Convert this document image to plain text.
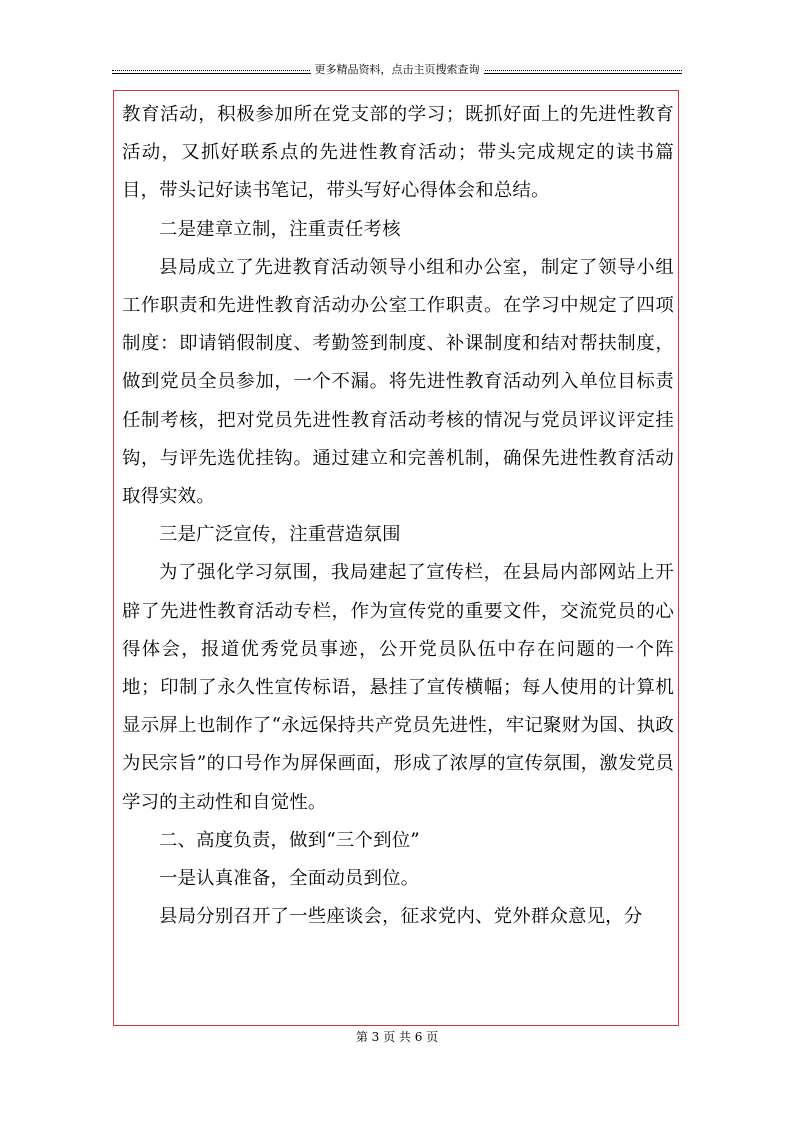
更多精品资料，点击主页搜索查询

教育活动，积极参加所在党支部的学习；既抓好面上的先进性教育活动，又抓好联系点的先进性教育活动；带头完成规定的读书篇目，带头记好读书笔记，带头写好心得体会和总结。

二是建章立制，注重责任考核

县局成立了先进教育活动领导小组和办公室，制定了领导小组工作职责和先进性教育活动办公室工作职责。在学习中规定了四项制度：即请销假制度、考勤签到制度、补课制度和结对帮扶制度，做到党员全员参加，一个不漏。将先进性教育活动列入单位目标责任制考核，把对党员先进性教育活动考核的情况与党员评议评定挂钩，与评先选优挂钩。通过建立和完善机制，确保先进性教育活动取得实效。

三是广泛宣传，注重营造氛围

为了强化学习氛围，我局建起了宣传栏，在县局内部网站上开辟了先进性教育活动专栏，作为宣传党的重要文件，交流党员的心得体会，报道优秀党员事迹，公开党员队伍中存在问题的一个阵地；印制了永久性宣传标语，悬挂了宣传横幅；每人使用的计算机显示屏上也制作了“永远保持共产党员先进性，牢记聚财为国、执政为民宗旨”的口号作为屏保画面，形成了浓厚的宣传氛围，激发党员学习的主动性和自觉性。

二、高度负责，做到“三个到位”

一是认真准备，全面动员到位。

县局分别召开了一些座谈会，征求党内、党外群众意见，分

第 3 页 共 6 页
